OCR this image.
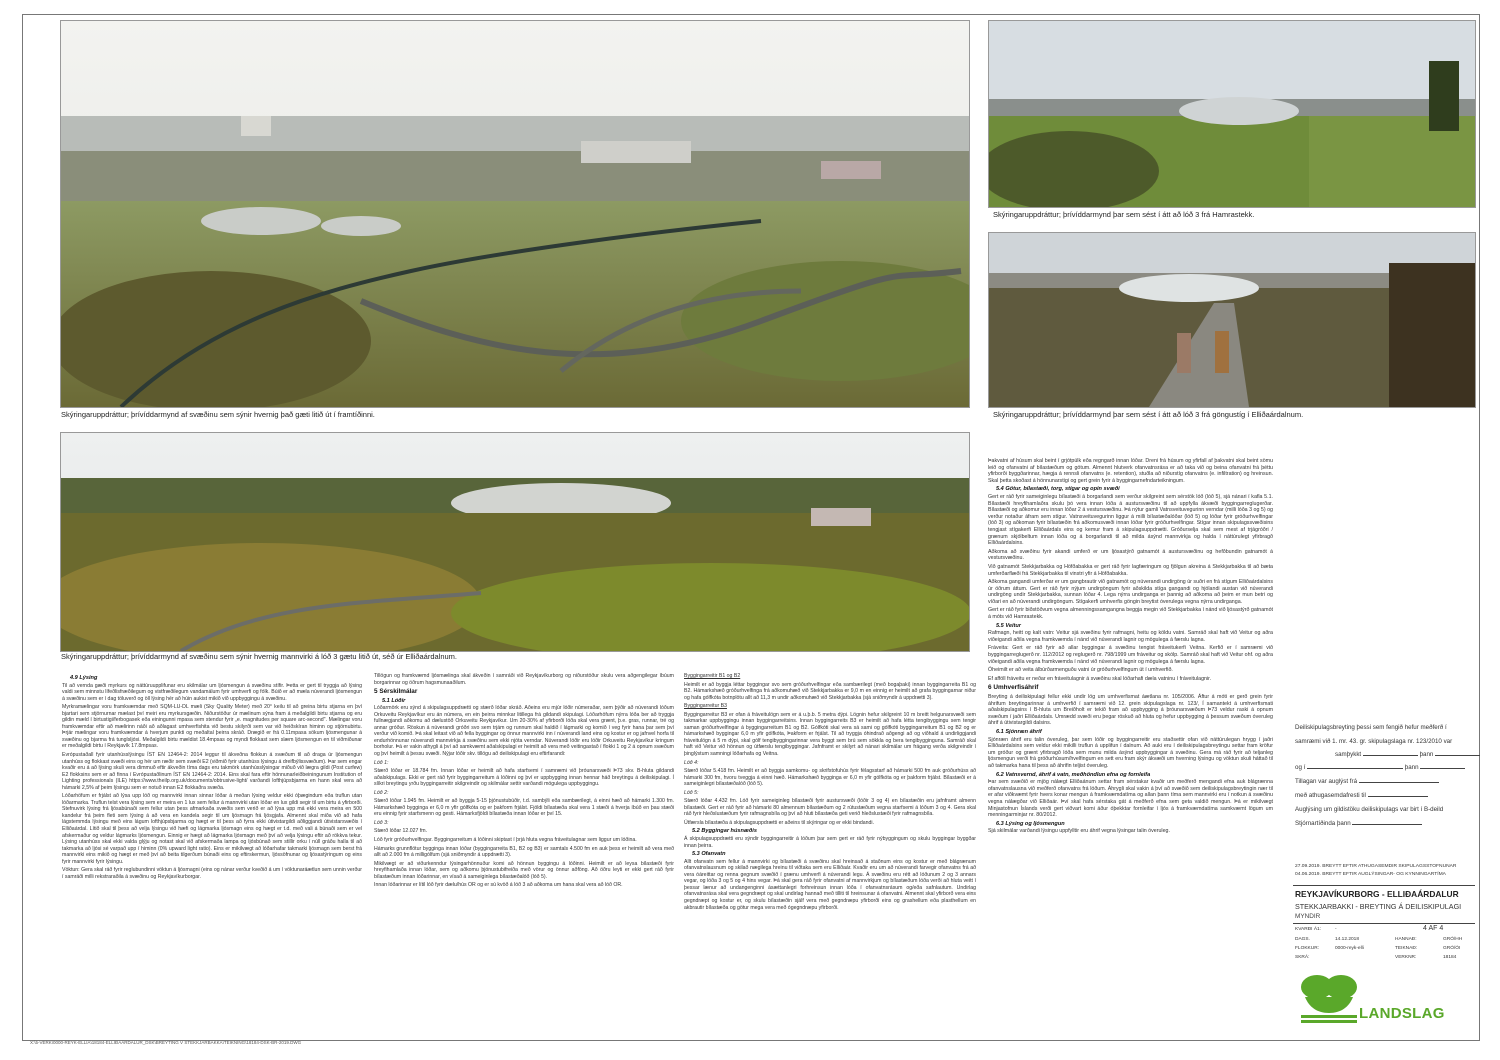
Skýringaruppdráttur; þrívíddarmynd af svæðinu sem sýnir hvernig það gæti litið út í framtíðinni.
Skýringaruppdráttur; þrívíddarmynd þar sem sést í átt að lóð 3 frá Hamrastekk.
Skýringaruppdráttur; þrívíddarmynd þar sem sést í átt að lóð 3 frá göngustíg í Elliðaárdalnum.
Skýringaruppdráttur; þrívíddarmynd af svæðinu sem sýnir hvernig mannvirki á lóð 3 gætu litið út, séð úr Elliðaárdalnum.
4.9 Lýsing

Til að vernda gæði myrkurs og náttúruupplifunar eru skilmálar um ljósmengun á svæðinu stífir. Þetta er gert til tryggja að lýsing valdi sem minnstu lífeðlisfræðilegum og vistfræðilegum vandamálum fyrir umhverfi og fólk. Búið er að mæla núverandi ljósmengun á svæðinu sem er í dag töluverð og öll lýsing hér að húin aukist mikið við uppbyggingu á svæðinu.

Myrkramælingar voru framkvæmdar með SQM-LU-DL mæli (Sky Quality Meter) með 20° keilu til að greina birtu stjarna en því bjartari sem stjörnurnar mælast því meiri eru myrkursgæðin. Niðurstöður úr mælinum sýna fram á meðalgildi birtu stjarna og eru gildin mæld í birtustigi/ferbogasek eða einingunni mpasa sem stendur fyrir „e. magnitudes per square arc-second". Mælingar voru framkvæmdar eftir að mælirinn náði að aðlagast umhverfishita við bestu skilyrði sem var við heiðskíran himinn og stjörnubirtu. Þrjár mælingar voru framkvæmdar á hverjum punkti og meðaltal þeirra skráð. Drægið er frá 0.11mpasa sökum ljósmengunar á svæðinu og bjarma frá tunglsljósi. Meðalgildi birtu mældist 18.4mpsas og myndi flokkast sem slæm ljósmengun en til viðmiðunar er meðalgildi birtu í Reykjavík 17.8mpsas.

Evrópustaðall fyrir utanhússlýsingu ÍST EN 12464-2: 2014 leggur til ákveðna flokkun á svæðum til að draga úr ljósmengun utanhúss og flokkast svæði eins og hér um ræðir sem svæði E2 (viðmið fyrir utanhúss lýsingu á dreifbýlissvæðum). Þar sem engar kvaðir eru á að lýsing skuli vera dimmuð eftir ákveðin tíma dags eru takmörk utanhússlýsingar miðuð við lægra gildi (Post curfew) E2 flokksins sem er að finna í Evrópustaðlinum ÍST EN 12464-2: 2014. Eins skal fara eftir hönnunarleiðbeiningunum Institution of Lighting professionals (ILE) https://www.theilp.org.uk/documents/obtrusive-light/ varðandi lofthjúpsbjarma en hann skal vera að hámarki 2,5% af þeim lýsingu sem er notuð innan E2 flokkaðra svæða.

Lóðarhöfum er frjálst að lýsa upp lóð og mannvirki innan sinnar lóðar á meðan lýsing veldur ekki óþægindum eða truflun utan lóðarmarka. Truflun telst vera lýsing sem er meira en 1 lux sem fellur á mannvirki utan lóðar en lux gildi segir til um birtu á yfirborði. Stefnuvirk lýsing frá ljósabúnaði sem fellur utan þess afmarkaða svæðis sem verið er að lýsa upp má ekki vera meira en 500 kandelur frá þeim fleti sem lýsing á að vera en kandela segir til um ljósmagn frá ljósgjafa. Almennt skal miða við að hafa lágstemmda lýsingu með eins lágum lofthjúpsbjarma og hægt er til þess að fyrra ekki útivistargildi aðliggjandi útivistarsvæðis í Elliðaárdal. Lítið skal til þess að velja lýsingu við hæfi og lágmarka ljósmagn eins og hægt er t.d. með vali á búnaði sem er vel afskermaður og veldur lágmarks ljósmengun. Einnig er hægt að lágmarka ljósmagn með því að velja lýsingu eftir að rökkva tekur. Lýsing utanhúss skal ekki valda glýju og notast skal við afskermaða lampa og ljósbúnað sem stillir orku í núll gráðu halla til að takmarka að ljósi sé varpað upp í himinn (0% upward light ratio). Eins er mikilvægt að lóðarhafar takmarki ljósmagn sem berst frá mannvirki eins mikið og hægt er með því að beita tilgerðum búnaði eins og eftirskermun, ljóssöfnunar og ljósastýringum og eins fyrir mannvirki fyrir lýsingu.

Vöktun: Gera skal ráð fyrir reglubundinni vöktun á ljósmagni (eins og nánar verður kveðið á um í vöktunaráætlun sem unnin verður í samráði milli rekstraraðila á svæðinu og Reykjavíkurborgar.

Tillögun og framkvæmd ljósmælinga skal ákveðin í samráði við Reykjavíkurborg og niðurstöður skulu vera aðgengilegar íbúum borgarinnar og öðrum hagsmunaaðilum.

5 Sérskilmálar
5.1 Lóðir

Lóðarmörk eru sýnd á skipulagsuppdrætti og stærð lóðar skráð. Aðeins eru mjúr lóðir númeraðar, sem þýðir að núverandi lóðum Orkuveitu Reykjavíkur eru án númera, en ein þeirra minnkar litillega frá gildandi skipulagi. Lóðarhöfum nýrra lóða ber að tryggja fullnægjandi aðkomu að dælustöð Orkuveitu Reykjavíkur. Um 20-30% af yfirborði lóða skal vera grænt, þ.e. gras, runnar, tré og annar gróður. Röskun á núverandi gróðri svo sem trjám og runnum skal haldið í lágmarki og komið í veg fyrir hana þar sem því verður við komið. Þá skal leitast við að fella byggingar og önnur mannvirki inn í núverandi land eins og kostur er og jafnvel horfa til endurhönnunar núverandi mannvirkja á svæðinu sem ekki njóta verndar. Núverandi lóðir eru lóðir Orkuveitu Reykjavíkur kringum borholur. Þá er vakin athygli á því að samkvæmt aðalskipulagi er heimilt að vera með veitingastað í flokki 1 og 2 á opnum svæðum og því heimilt á þessu svæði. Nýjar lóðir skv. tillögu að deiliskipulagi eru eftirfarandi:

Lóð 1:

Stærð lóðar er 18.784 fm. Innan lóðar er heimilt að hafa starfsemi í samræmi við þróunarsvæði Þ73 skv. B-hluta gildandi aðalskipulags. Ekki er gert ráð fyrir byggingarreitum á lóðinni og því er uppbygging innan hennar háð breytingu á deiliskipulagi. Í slíkri breytingu yrðu byggingarreitir skilgreindir og skilmálar settir varðandi mögulega uppbyggingu.

Lóð 2:

Stærð lóðar 1.945 fm. Heimilt er að byggja 5-15 þjónustubúðir, t.d. sambýli eða sambærilegt, á einni hæð að hámarki 1.300 fm. Hámarkshæð bygginga er 6,0 m yfir gólfkóta og er þakform frjálst. Fjöldi bílastæða skal vera 1 stæði á hverja íbúð en þau stæði eru einnig fyrir starfsmenn og gesti. Hámarksfjöldi bílastæða innan lóðar er því 15.

Lóð 3:

Stærð lóðar 12.027 fm.

Lóð fyrir gróðurhvelfingar. Byggingarreitum á lóðinni skiptast í þrjá hluta vegna fráveitulagnar sem liggur um lóðina.

Hámarks grunnflötur bygginga innan lóðar (byggingarreita B1, B2 og B3) er samtals 4.500 fm en auk þess er heimilt að vera með allt að 2.000 fm á milligólfum (sjá sniðmyndir á uppdrætti 3).

Mikilvægt er að viðurkenndur lýsingarhönnuður komi að hönnun byggingu á lóðinni. Heimilt er að leysa bílastæði fyrir hreyfihamlaða innan lóðar, sem og aðkomu þjónustubifreiða með vörur og önnur aðföng. Að öðru leyti er ekki gert ráð fyrir bílastæðum innan lóðarinnar, en vísað á sameiginlega bílastæðalóð (lóð 5).

Innan lóðarinnar er lítil lóð fyrir dælu/hús OR og er sú kvöð á lóð 3 að aðkoma um hana skal vera að lóð OR.

Byggingarreitir B1 og B2

Heimilt er að byggja léttar byggingar svo sem gróðurhvelfingar eða sambærilegt (með bogaþaki) innan byggingarreita B1 og B2. Hámarkshæð gróðurhvelfinga frá aðkomuhæð við Stekkjarbakka er 9,0 m en einnig er heimilt að grafa byggingarnar niður og hafa gólfkóta botnplötu allt að 11,3 m undir aðkomuhæð við Stekkjarbakka (sjá sniðmyndir á uppdrætti 3).

Byggingarreitur B3

Byggingarreitur B3 er ofan á fráveitulögn sem er á u.þ.b. 5 metra dýpi. Lögnin hefur skilgreint 10 m breitt helgunarsvæði sem takmarkar uppbyggingu innan byggingarreitsins. Innan byggingarreits B3 er heimilt að hafa létta tengibyggingu sem tengir saman gróðurhvelfingar á byggingarreitum B1 og B2. Gólfkóti skal vera sá sami og gólfkóti byggingarreitum B1 og B2 og er hámarkshæð byggingar 6,0 m yfir gólfkóta, Þakform er frjálst. Til að tryggja óhindrað aðgengi að og viðhald á undirliggjandi fráveitulögn á 5 m dýpi, skal gólf tengibyggingarinnar vera byggt sem brú sem sökkla og bera tengibygginguna. Samráð skal haft við Veitur við hönnun og útfærslu tengibyggingar. Jafnframt er skilyrt að nánari skilmálar um frágang verða skilgreindir í þinglýstum samningi lóðarhafa og Veitna.

Lóð 4:

Stærð lóðar 5.418 fm. Heimilt er að byggja samkomu- og skrifstofuhús fyrir félagsstarf að hámarki 500 fm auk gróðurhúss að hámarki 300 fm, hvoru tveggja á einni hæð. Hámarkshæð bygginga er 6,0 m yfir gólfkóta og er þakform frjálst. Bílastæði er á sameiginlegri bílastæðalóð (lóð 5).

Lóð 5:

Stærð lóðar 4.432 fm. Lóð fyrir sameiginleg bílastæði fyrir austursvæði (lóðir 3 og 4) en bílastæðin eru jafnframt almenn bílastæði. Gert er ráð fyrir að hámarki 80 almennum bílastæðum og 2 rútustæðum vegna starfsemi á lóðum 3 og 4. Gera skal ráð fyrir hleðslustæðum fyrir rafmagnsbíla og því að hluti bílastæða geti verið hleðslustæði fyrir rafmagnsbíla.

Útfærsla bílastæða á skipulagsuppdrætti er aðeins til skýringar og er ekki bindandi.

5.2 Byggingar húsnæðis

Á skipulagsuppdrætti eru sýndir byggingarreitir á lóðum þar sem gert er ráð fyrir nýbyggingum og skulu byggingar byggðar innan þeirra.

5.3 Ofanvatn

Allt ofanvatn sem fellur á mannvirki og bílastæði á svæðinu skal hreinsað á staðnum eins og kostur er með blágrænum ofanvatnslausnum og skilað nægilega hreinu til viðtaka sem eru Elliðaár. Kvaðir eru um að núverandi farvegir ofanvatns frá að vera óáreittar og renna gegnum svæðið í grænu umhverfi á núverandi legu. Á svæðinu eru rétt að lóðunum 2 og 3 annars vegar, og lóða 3 og 5 og 4 hins vegar. Þá skal gera ráð fyrir ofanvatni af mannvirkjum og bílastæðum lóða verði að hluta veitt í þessar lænur að undangenginni ásættanlegri forhreinsun innan lóða í ofanvatnsrásum og/eða safnlautum. Undirlag ofanvatnsrása skal vera gegndræpt og skal undirlag hannað með tilliti til hreinsunar á ofanvatni. Almennt skal yfirborð vera eins gegndræpt og kostur er, og skulu bílastæðin sjálf vera með gegndræpu yfirborði eins og grashellum eða plasthellum en akbrautir bílastæða og götur mega vera með ógegndræpu yfirborði.

Þakvatni af húsum skal beint í grjótpúlk eða regngarð innan lóðar. Dreni frá húsum og yfirfall af þakvatni skal beint sömu leið og ofanvatni af bílastæðum og götum. Almennt hlutverk ofanvatnsrása er að taka við og beina ofanvatni frá þéttu yfirborði byggðarinnar, hægja á rennsli ofanvatns (e. retention), stuðla að niðurstíg ofanvatns (e. infiltration) og hreinsun. Skal þetta skoðast á hönnunarstigi og gert grein fyrir á byggingarnefndarteikningum.

5.4 Götur, bílastæði, torg, stígar og opin svæði

Gert er ráð fyrir sameiginlegu bílastæði á borgarlandi sem verður skilgreint sem sérstök lóð (lóð 5), sjá nánari í kafla 5.1. Bílastæði hreyfihamlaðra skulu þó vera innan lóða á austursvæðinu til að uppfylla ákvæði byggingarreglugerðar. Bílastæði og aðkomur eru innan lóðar 2 á vestursvæðinu. Þá nýtur gamli Vatnsveituvegurinn verndar (milli lóða 3 og 5) og verður notaður áfram sem stígur. Vatnsveituvegurinn liggur á milli bílastæðalóðar (lóð 5) og lóðar fyrir gróðurhvelfingar (lóð 3) og aðkoman fyrir bílastæðin frá aðkomusvæði innan lóðar fyrir gróðurhvelfingar. Stígar innan skipulagssvæðisins tengjast stígakerfi Elliðaárdals eins og kemur fram á skipulagsuppdrætti. Gróðurselja skal sem mest af trjágróðri / grænum skjólbeltum innan lóða og á borgarlandi til að milda ásýnd mannvirkja og halda í náttúrulegt yfirbragð Elliðaárdalsins.

Aðkoma að svæðinu fyrir akandi umferð er um ljósastýrð gatnamót á austursvæðinu og hefðbundin gatnamót á vestursvæðinu.

Við gatnamót Stekkjarbakka og Höfðabakka er gert ráð fyrir lagfæringum og fjölgun akreina á Stekkjarbakka til að bæta umferðarflæði frá Stekkjarbakka til vinstri yfir á Höfðabakka.

Aðkoma gangandi umferðar er um gangbrautir við gatnamót og núverandi undirgöng úr suðri en frá stígum Elliðaárdalsins úr öðrum áttum. Gert er ráð fyrir nýjum undirgöngum fyrir aðskilda stíga gangandi og hjólandi austan við núverandi undirgöng undir Stekkjarbakka, sunnan lóðar 4. Lega nýrra undirganga er þannig að aðkoma að þeim er mun betri og víðari en að núverandi undirgöngum. Stígakerfi umhverfis göngin breytist óverulega vegna nýrra undirganga.

Gert er ráð fyrir biðstöðvum vegna almenningssamgangna beggja megin við Stekkjarbakka í nánd við ljósastýrð gatnamót á móts við Hamrastekk.

5.5 Veitur

Rafmagn, heitt og kalt vatn: Veitur sjá svæðinu fyrir rafmagni, heitu og köldu vatni. Samráð skal haft við Veitur og aðra viðeigandi aðila vegna framkvæmda í nánd við núverandi lagnir og mögulega á færslu lagna.

Fráveita: Gert er ráð fyrir að allar byggingar á svæðinu tengist fráveitukerfi Veitna. Kerfið er í samræmi við byggingarreglugerð nr. 112/2012 og reglugerð nr. 798/1999 um fráveitur og skólp. Samráð skal haft við Veitur ohf. og aðra viðeigandi aðila vegna framkvæmda í nánd við núverandi lagnir og mögulega á færslu lagna.

Óheimilt er að veita álbúrðarmenguðu vatni úr gróðurhvelfingum út í umhverfið.

Ef afföll fráveitu er neðar en fráveitulagnir á svæðinu skal lóðarhafi dæla vatninu í fráveitulagnir.

6 Umhverfisáhrif

Breyting á deiliskipulagi fellur ekki undir lög um umhverfismat áætlana nr. 105/2006. Áftur á móti er gerð grein fyrir áhrifum breytingarinnar á umhverfið í samræmi við 12. grein skipulagslaga nr. 123/, Í samantekt á umhverfismati aðalskipulagsins í B-hluta um Breiðholt er tekið fram að uppbygging á þróunarsvæðum Þ73 veldur raski á opnum svæðum í jaðri Elliðaárdals. Umrædd svæði eru þegar röskuð að hluta og hefur uppbygging á þessum svæðum óveruleg áhrif á útivistargildi dalsins.

6.1 Sjónræn áhrif

Sjónræn áhrif eru talin óveruleg, þar sem lóðir og byggingarreitir eru staðsettir ofan við náttúrulegan hrygg í jaðri Elliðaárdalsins sem veldur ekki mikilli truflun á upplifun í dalnum. Að auki eru í deiliskipulagsbreytingu settar fram kröfur um gróður og grænt yfirbragð lóða sem munu milda ásýnd uppbyggingar á svæðinu. Gera má ráð fyrir að teljanleg ljósmengun verði frá gróðurhúsum/hvelfingum en sett eru fram skýr ákvæði um hverning lýsingu og vöktun skuli háttað til að takmarka hana til þess að áhrifin teljist óveruleg.

6.2 Vatnsvernd, áhrif á vatn, meðhöndlun efna og fornleifa

Þar sem svæðið er mjög nálægt Elliðaánum settar fram sérstakar kvaðir um meðferð mengandi efna auk blágrænna ofanvatnslausna við meðferð ofanvatns frá lóðum. Áhrygli skal vakin á því að svæðið sem deiliskipulagsbreytingin nær til er afar viðkvæmt fyrir hvers konar mengun á framkvæmdatíma og allan þann tíma sem mannvirki eru í notkun á svæðinu vegna nálægðar við Elliðaár. Því skal hafa sérstaka gát á meðferð efna sem geta valdið mengun. Þá er mikilvægt Minjastofnun Íslands verði gert viðvart komi áður óþekktar fornleifar í ljós á framkvæmdatíma samkvæmt lögum um menningarminjar nr. 80/2012.

6.3 Lýsing og ljósmengun

Sjá skilmálar varðandi lýsingu uppfylltir eru áhrif vegna lýsingar talin óveruleg.

Deiliskipulagsbreyting þessi sem fengið hefur meðferð í
samræmi við 1. mr. 43. gr. skipulagslaga nr. 123/2010 var
samþykkt	þann
og í	þann
Tillagan var auglýst frá
með athugasemdafresti til
Auglýsing um gildistöku deiliskipulags var birt í B-deild
Stjórnartíðinda þann
27.09.2019. BREYTT EFTIR ATHUGASEMDIR SKIPULAGSSTOFNUNAR
04.06.2019. BREYTT EFTIR AUGLÝSINGAR- OG KYNNINGARTÍMA
REYKJAVÍKURBORG - ELLIÐAÁRDALUR
STEKKJARBAKKI - BREYTING Á DEILISKIPULAGI
MYNDIR
KVARÐI Á1:	-	4 AF 4
DAGS.	14.12.2018	HANNAÐ:	GRÓ/HH
FLOKKUR:	0000-reyk-elli	TEIKNAÐ:	GRÓ/ÓI
SKRÁ:	VERKNR:	18184
LANDSLAG
X:\5-VERK\0000-REYK-ELLIA\18184-ELLIÐAÁRDALUR_DSK\BREYTING V STEKKJARBAKKA\TEIKNING\18184-DSK-BR-2019.DWG
